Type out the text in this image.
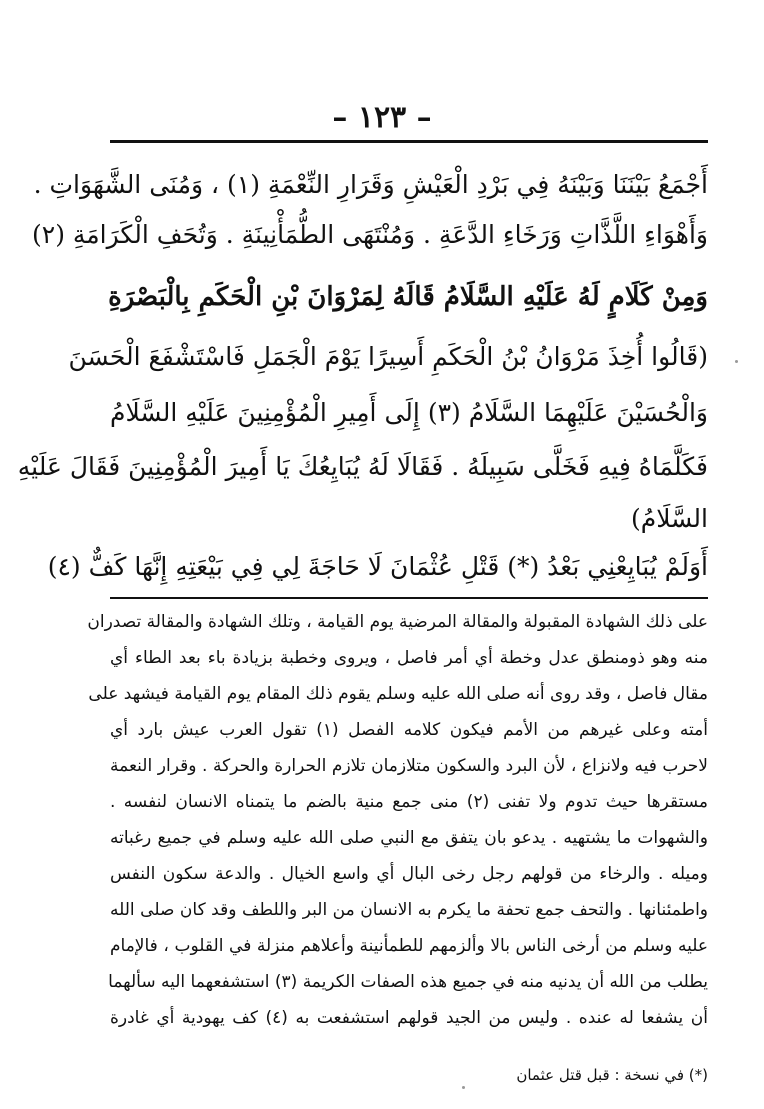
– ١٢٣ –
أَجْمَعُ بَيْنَنَا وَبَيْنَهُ فِي بَرْدِ الْعَيْشِ وَقَرَارِ النِّعْمَةِ (١) ، وَمُنَى الشَّهَوَاتِ .
وَأَهْوَاءِ اللَّذَّاتِ وَرَخَاءِ الدَّعَةِ . وَمُنْتَهَى الطُّمَأْنِينَةِ . وَتُحَفِ الْكَرَامَةِ (٢)
وَمِنْ كَلَامٍ لَهُ عَلَيْهِ السَّلَامُ قَالَهُ لِمَرْوَانَ بْنِ الْحَكَمِ بِالْبَصْرَةِ
(قَالُوا أُخِذَ مَرْوَانُ بْنُ الْحَكَمِ أَسِيرًا يَوْمَ الْجَمَلِ فَاسْتَشْفَعَ الْحَسَنَ
وَالْحُسَيْنَ عَلَيْهِمَا السَّلَامُ (٣) إِلَى أَمِيرِ الْمُؤْمِنِينَ عَلَيْهِ السَّلَامُ
فَكَلَّمَاهُ فِيهِ فَخَلَّى سَبِيلَهُ . فَقَالَا لَهُ يُبَايِعُكَ يَا أَمِيرَ الْمُؤْمِنِينَ فَقَالَ عَلَيْهِ
السَّلَامُ)
أَوَلَمْ يُبَايِعْنِي بَعْدُ (*) قَتْلِ عُثْمَانَ لَا حَاجَةَ لِي فِي بَيْعَتِهِ إِنَّهَا كَفٌّ (٤)
على ذلك الشهادة المقبولة والمقالة المرضية يوم القيامة ، وتلك الشهادة والمقالة تصدران
منه وهو ذومنطق عدل وخطة أي أمر فاصل ، ويروى وخطبة بزيادة باء بعد الطاء أي
مقال فاصل ، وقد روى أنه صلى الله عليه وسلم يقوم ذلك المقام يوم القيامة فيشهد على
أمته وعلى غيرهم من الأمم فيكون كلامه الفصل (١) تقول العرب عيش بارد أي
لاحرب فيه ولانزاع ، لأن البرد والسكون متلازمان تلازم الحرارة والحركة . وقرار النعمة
مستقرها حيث تدوم ولا تفنى (٢) منى جمع منية بالضم ما يتمناه الانسان لنفسه .
والشهوات ما يشتهيه . يدعو بان يتفق مع النبي صلى الله عليه وسلم في جميع رغباته
وميله . والرخاء من قولهم رجل رخى البال أي واسع الخيال . والدعة سكون النفس
واطمئنانها . والتحف جمع تحفة ما يكرم به الانسان من البر واللطف وقد كان صلى الله
عليه وسلم من أرخى الناس بالا وألزمهم للطمأنينة وأعلاهم منزلة في القلوب ، فالإمام
يطلب من الله أن يدنيه منه في جميع هذه الصفات الكريمة (٣) استشفعهما اليه سألهما
أن يشفعا له عنده . وليس من الجيد قولهم استشفعت به (٤) كف يهودية أي غادرة
(*) في نسخة : قبل قتل عثمان
